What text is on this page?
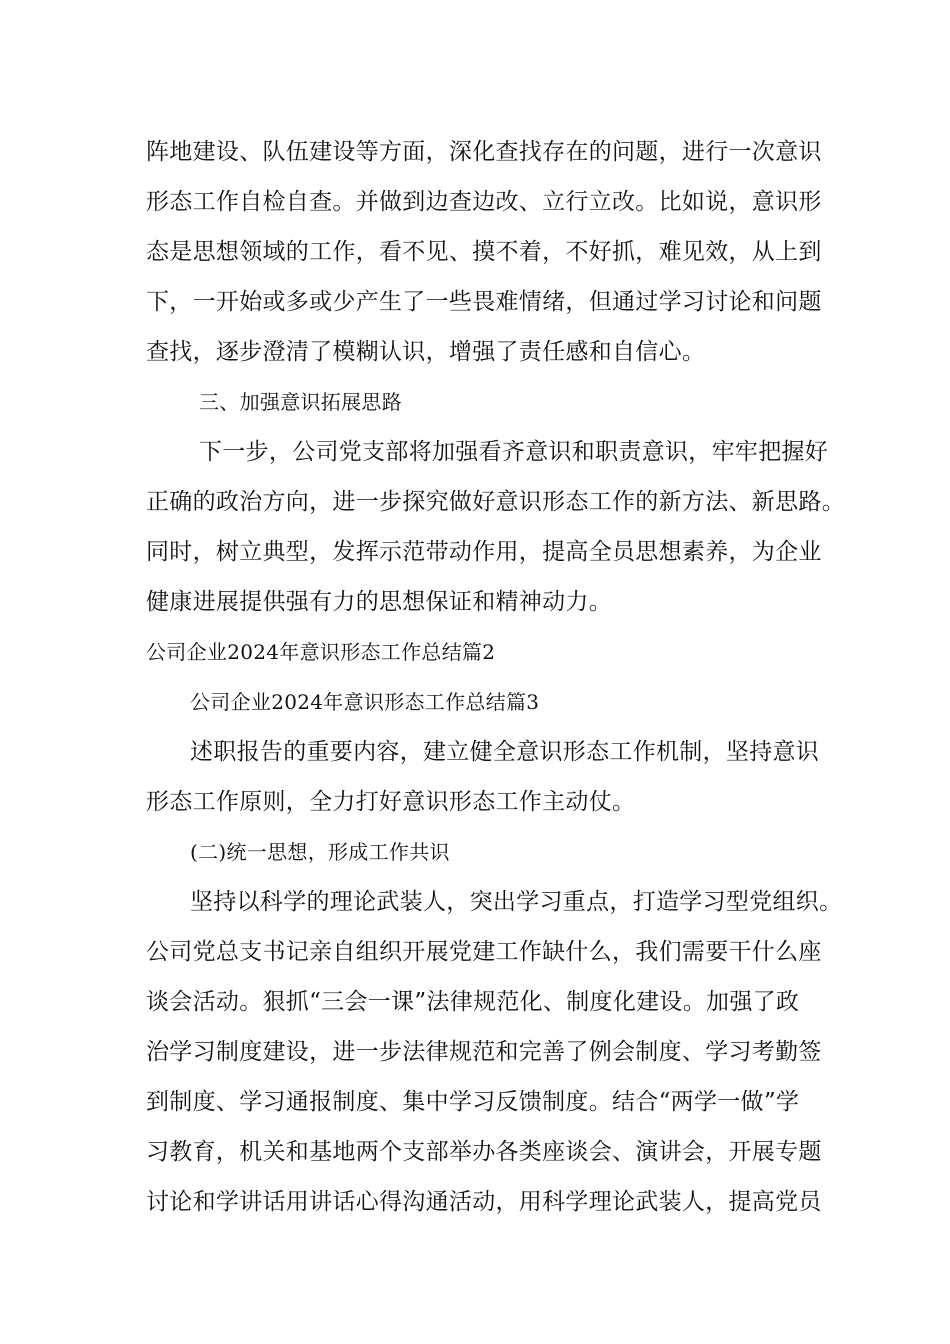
阵地建设、队伍建设等方面，深化查找存在的问题，进行一次意识
形态工作自检自查。并做到边查边改、立行立改。比如说，意识形
态是思想领域的工作，看不见、摸不着，不好抓，难见效，从上到
下，一开始或多或少产生了一些畏难情绪，但通过学习讨论和问题
查找，逐步澄清了模糊认识，增强了责任感和自信心。
三、加强意识拓展思路
下一步，公司党支部将加强看齐意识和职责意识，牢牢把握好
正确的政治方向，进一步探究做好意识形态工作的新方法、新思路。
同时，树立典型，发挥示范带动作用，提高全员思想素养，为企业
健康进展提供强有力的思想保证和精神动力。
公司企业2024年意识形态工作总结篇2
公司企业2024年意识形态工作总结篇3
述职报告的重要内容，建立健全意识形态工作机制，坚持意识
形态工作原则，全力打好意识形态工作主动仗。
(二)统一思想，形成工作共识
坚持以科学的理论武装人，突出学习重点，打造学习型党组织。
公司党总支书记亲自组织开展党建工作缺什么，我们需要干什么座
谈会活动。狠抓“三会一课”法律规范化、制度化建设。加强了政
治学习制度建设，进一步法律规范和完善了例会制度、学习考勤签
到制度、学习通报制度、集中学习反馈制度。结合“两学一做”学
习教育，机关和基地两个支部举办各类座谈会、演讲会，开展专题
讨论和学讲话用讲话心得沟通活动，用科学理论武装人，提高党员
